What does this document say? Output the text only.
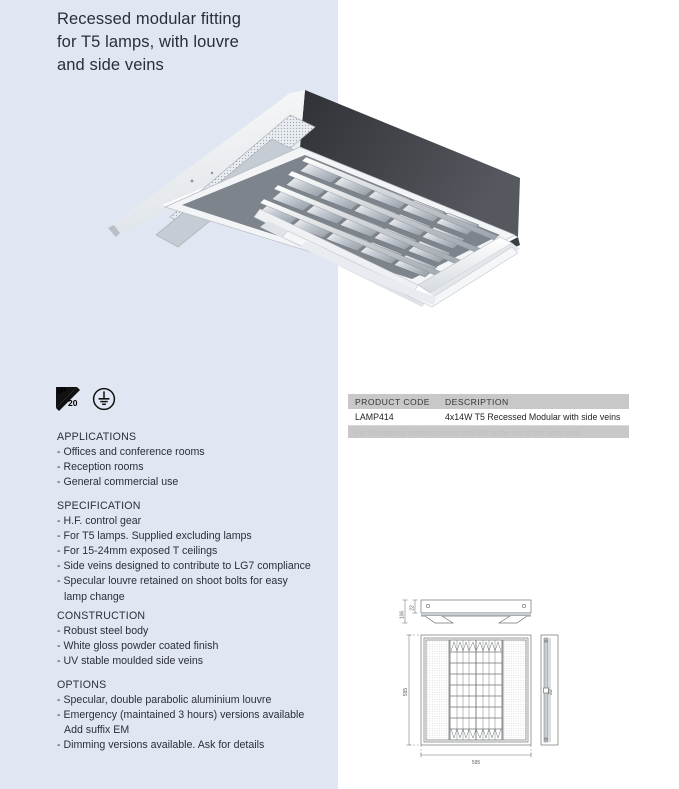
Recessed modular fitting
for T5 lamps, with louvre
and side veins
IP
20
APPLICATIONS
- Offices and conference rooms
- Reception rooms
- General commercial use
SPECIFICATION
- H.F. control gear
- For T5 lamps. Supplied excluding lamps
- For 15-24mm exposed T ceilings
- Side veins designed to contribute to LG7 compliance
- Specular louvre retained on shoot bolts for easy
lamp change
CONSTRUCTION
- Robust steel body
- White gloss powder coated finish
- UV stable moulded side veins
OPTIONS
- Specular, double parabolic aluminium louvre
- Emergency (maintained 3 hours) versions available
Add suffix EM
- Dimming versions available. Ask for details
PRODUCT CODE	DESCRIPTION
LAMP414	4x14W T5 Recessed Modular with side veins
For Emergency versions please add /EM to the end of the order code
106
22
595
595
22
